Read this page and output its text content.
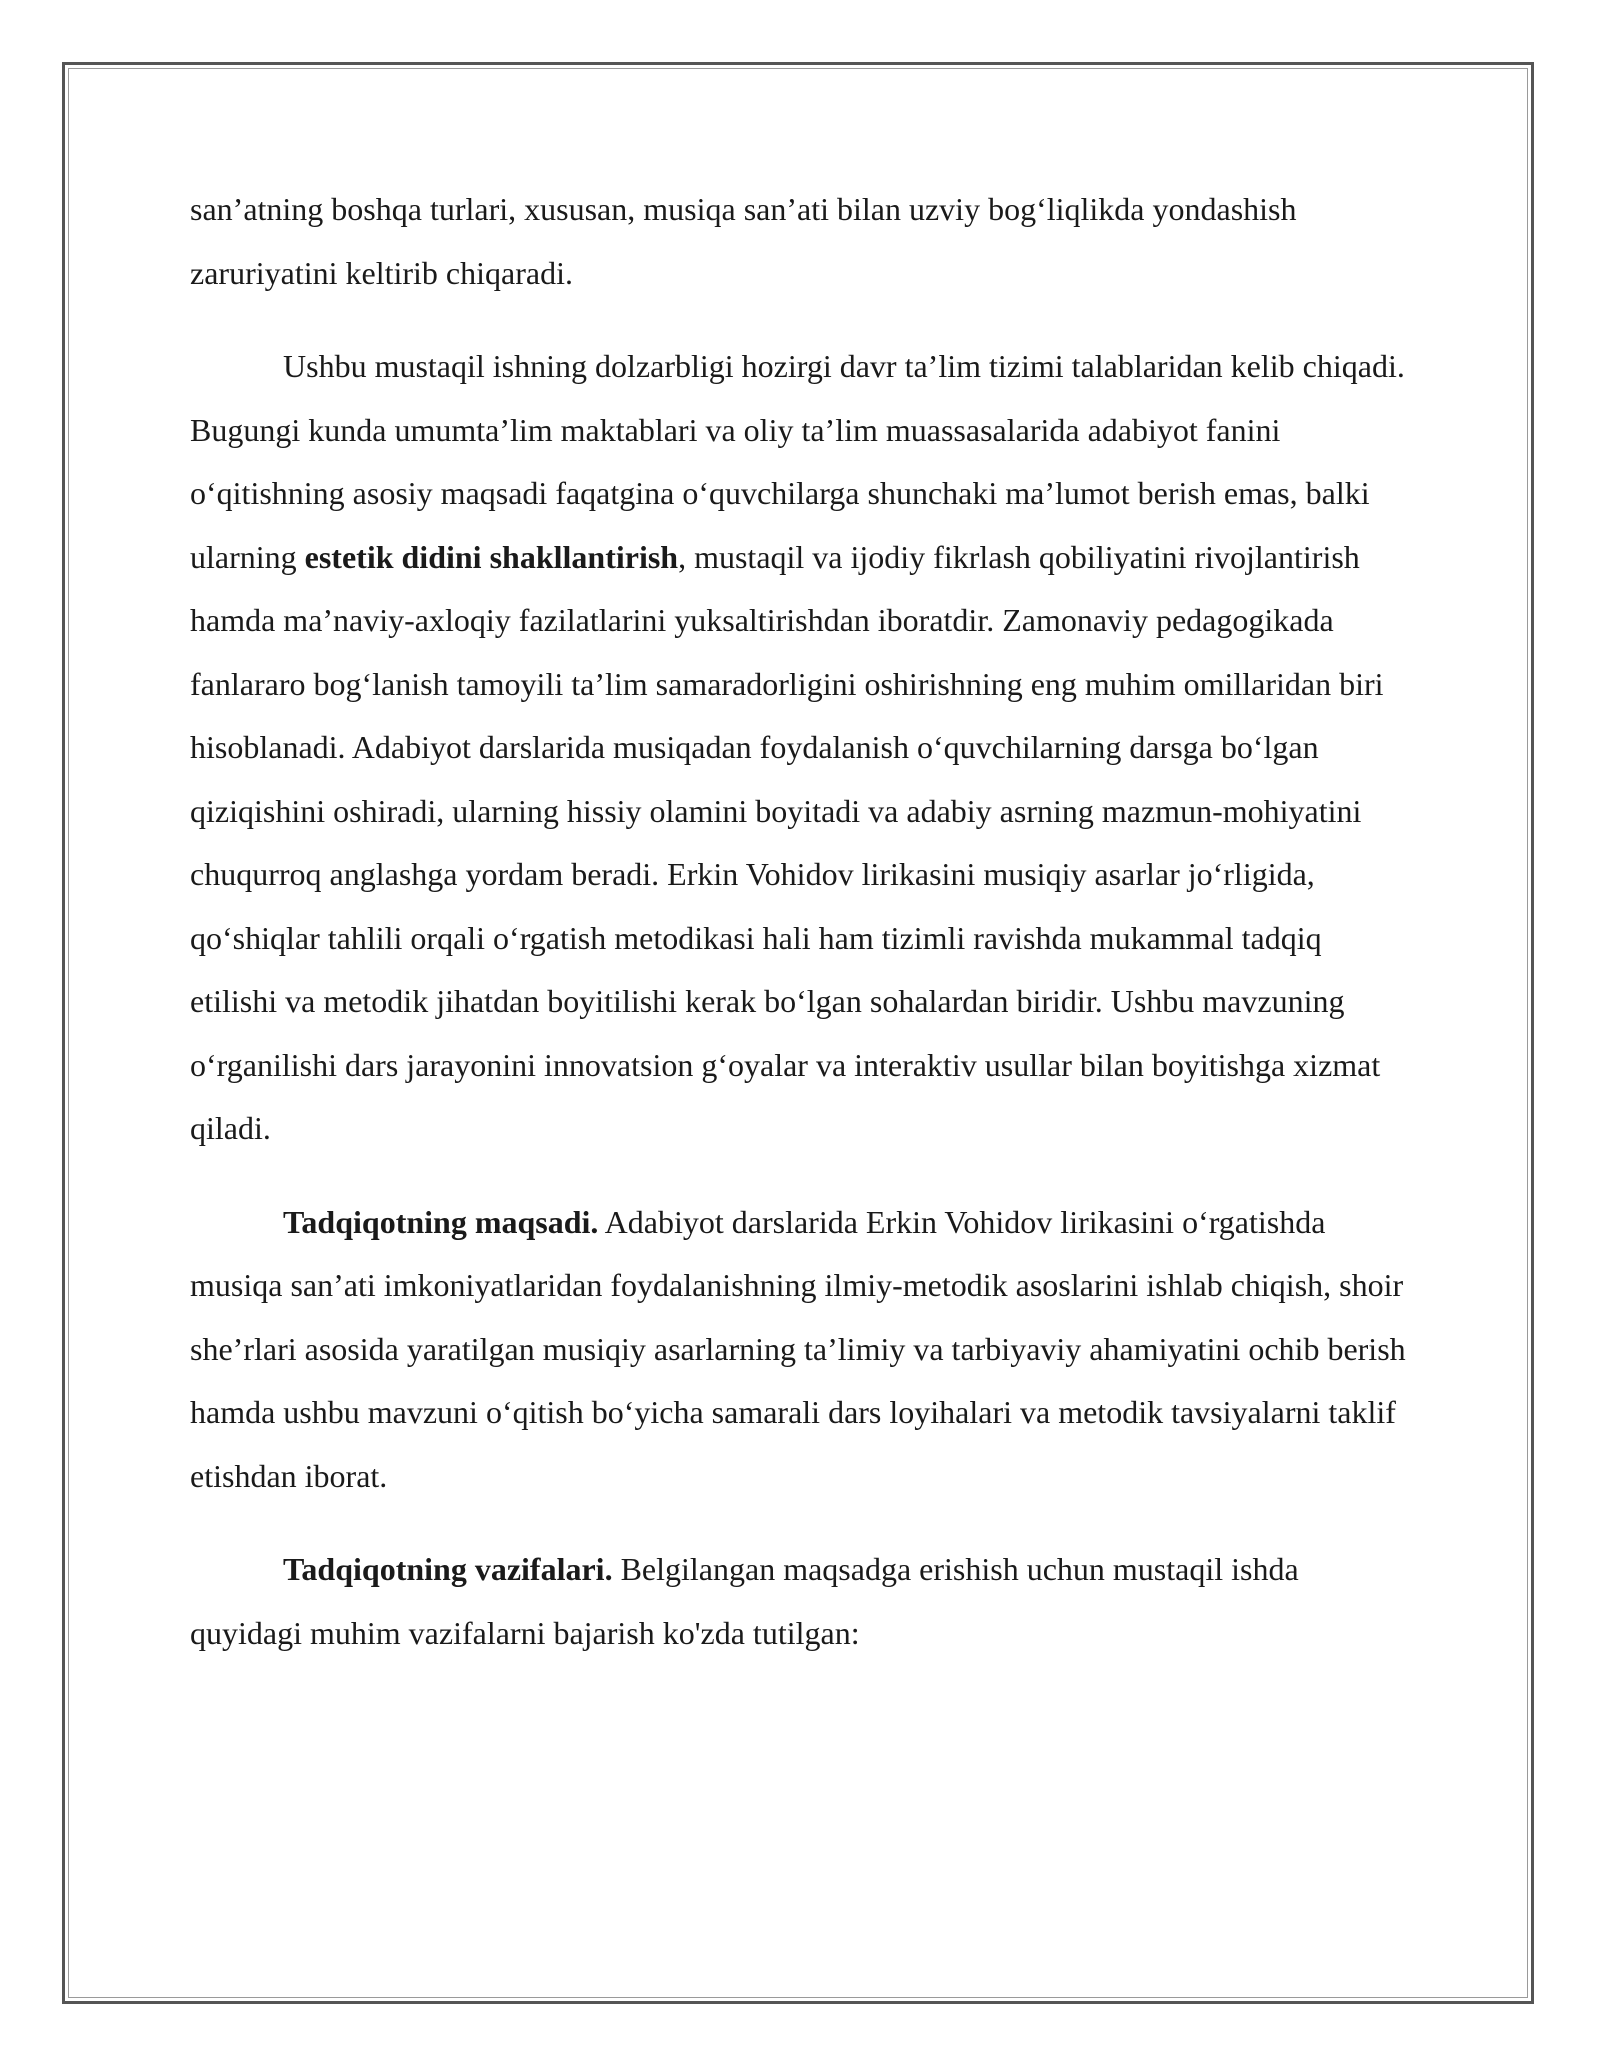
san’atning boshqa turlari, xususan, musiqa san’ati bilan uzviy bog‘liqlikda yondashish zaruriyatini keltirib chiqaradi.

Ushbu mustaqil ishning dolzarbligi hozirgi davr ta’lim tizimi talablaridan kelib chiqadi. Bugungi kunda umumta’lim maktablari va oliy ta’lim muassasalarida adabiyot fanini o‘qitishning asosiy maqsadi faqatgina o‘quvchilarga shunchaki ma’lumot berish emas, balki ularning estetik didini shakllantirish, mustaqil va ijodiy fikrlash qobiliyatini rivojlantirish hamda ma’naviy-axloqiy fazilatlarini yuksaltirishdan iboratdir. Zamonaviy pedagogikada fanlararo bog‘lanish tamoyili ta’lim samaradorligini oshirishning eng muhim omillaridan biri hisoblanadi. Adabiyot darslarida musiqadan foydalanish o‘quvchilarning darsga bo‘lgan qiziqishini oshiradi, ularning hissiy olamini boyitadi va adabiy asrning mazmun-mohiyatini chuqurroq anglashga yordam beradi. Erkin Vohidov lirikasini musiqiy asarlar jo‘rligida, qo‘shiqlar tahlili orqali o‘rgatish metodikasi hali ham tizimli ravishda mukammal tadqiq etilishi va metodik jihatdan boyitilishi kerak bo‘lgan sohalardan biridir. Ushbu mavzuning o‘rganilishi dars jarayonini innovatsion g‘oyalar va interaktiv usullar bilan boyitishga xizmat qiladi.

Tadqiqotning maqsadi. Adabiyot darslarida Erkin Vohidov lirikasini o‘rgatishda musiqa san’ati imkoniyatlaridan foydalanishning ilmiy-metodik asoslarini ishlab chiqish, shoir she’rlari asosida yaratilgan musiqiy asarlarning ta’limiy va tarbiyaviy ahamiyatini ochib berish hamda ushbu mavzuni o‘qitish bo‘yicha samarali dars loyihalari va metodik tavsiyalarni taklif etishdan iborat.

Tadqiqotning vazifalari. Belgilangan maqsadga erishish uchun mustaqil ishda quyidagi muhim vazifalarni bajarish ko'zda tutilgan:
